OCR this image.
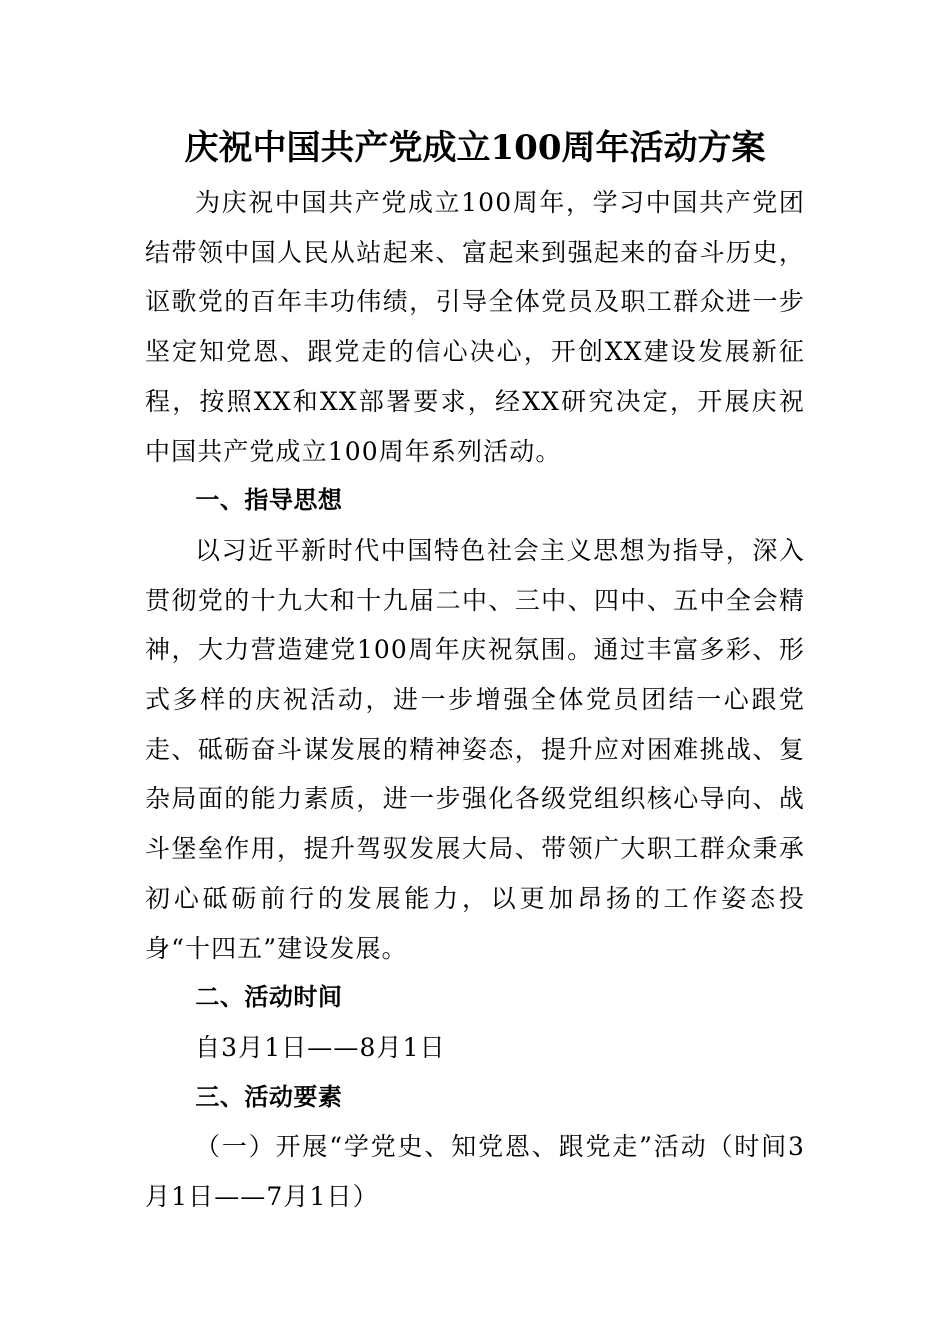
庆祝中国共产党成立100周年活动方案

为庆祝中国共产党成立100周年，学习中国共产党团结带领中国人民从站起来、富起来到强起来的奋斗历史，讴歌党的百年丰功伟绩，引导全体党员及职工群众进一步坚定知党恩、跟党走的信心决心，开创XX建设发展新征程，按照XX和XX部署要求，经XX研究决定，开展庆祝中国共产党成立100周年系列活动。

一、指导思想

以习近平新时代中国特色社会主义思想为指导，深入贯彻党的十九大和十九届二中、三中、四中、五中全会精神，大力营造建党100周年庆祝氛围。通过丰富多彩、形式多样的庆祝活动，进一步增强全体党员团结一心跟党走、砥砺奋斗谋发展的精神姿态，提升应对困难挑战、复杂局面的能力素质，进一步强化各级党组织核心导向、战斗堡垒作用，提升驾驭发展大局、带领广大职工群众秉承初心砥砺前行的发展能力，以更加昂扬的工作姿态投身“十四五”建设发展。

二、活动时间

自3月1日——8月1日

三、活动要素

（一）开展“学党史、知党恩、跟党走”活动（时间3月1日——7月1日）
